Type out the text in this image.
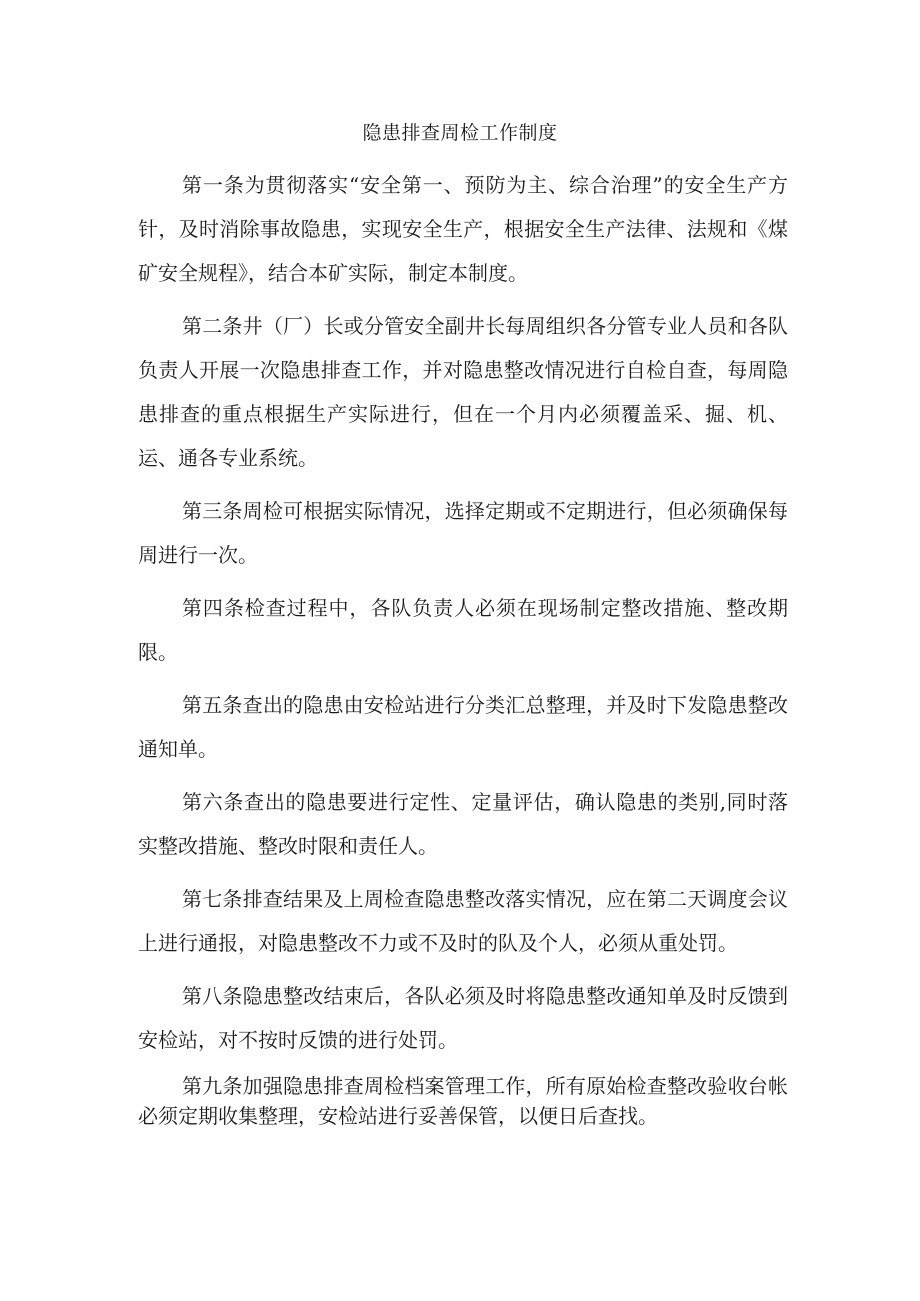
隐患排查周检工作制度

第一条为贯彻落实“安全第一、预防为主、综合治理”的安全生产方针，及时消除事故隐患，实现安全生产，根据安全生产法律、法规和《煤矿安全规程》，结合本矿实际，制定本制度。

第二条井（厂）长或分管安全副井长每周组织各分管专业人员和各队负责人开展一次隐患排查工作，并对隐患整改情况进行自检自查，每周隐患排查的重点根据生产实际进行，但在一个月内必须覆盖采、掘、机、运、通各专业系统。

第三条周检可根据实际情况，选择定期或不定期进行，但必须确保每周进行一次。

第四条检查过程中，各队负责人必须在现场制定整改措施、整改期限。

第五条查出的隐患由安检站进行分类汇总整理，并及时下发隐患整改通知单。

第六条查出的隐患要进行定性、定量评估，确认隐患的类别,同时落实整改措施、整改时限和责任人。

第七条排查结果及上周检查隐患整改落实情况，应在第二天调度会议上进行通报，对隐患整改不力或不及时的队及个人，必须从重处罚。

第八条隐患整改结束后，各队必须及时将隐患整改通知单及时反馈到安检站，对不按时反馈的进行处罚。

第九条加强隐患排查周检档案管理工作，所有原始检查整改验收台帐必须定期收集整理，安检站进行妥善保管，以便日后查找。
